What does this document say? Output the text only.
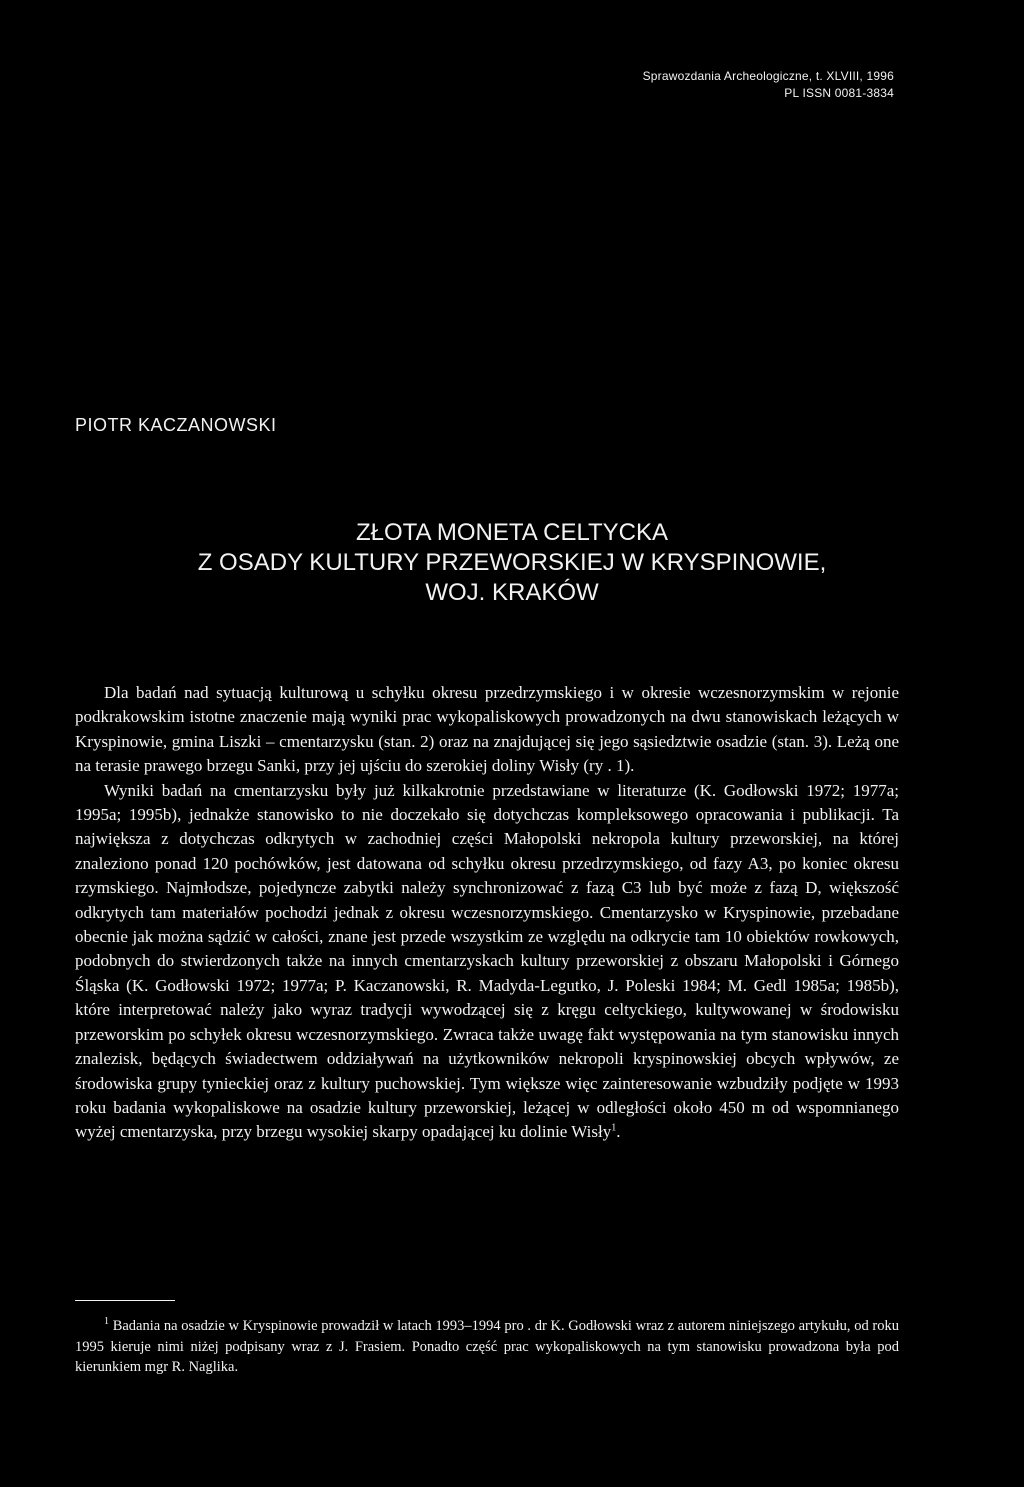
Sprawozdania Archeologiczne, t. XLVIII, 1996
PL ISSN 0081-3834
PIOTR KACZANOWSKI
ZŁOTA MONETA CELTYCKA
Z OSADY KULTURY PRZEWORSKIEJ W KRYSPINOWIE,
WOJ. KRAKÓW

Dla badań nad sytuacją kulturową u schyłku okresu przedrzymskiego i w okresie wczesnorzymskim w rejonie podkrakowskim istotne znaczenie mają wyniki prac wykopaliskowych prowadzonych na dwu stanowiskach leżących w Kryspinowie, gmina Liszki – cmentarzysku (stan. 2) oraz na znajdującej się jego sąsiedztwie osadzie (stan. 3). Leżą one na terasie prawego brzegu Sanki, przy jej ujściu do szerokiej doliny Wisły (ry . 1).

Wyniki badań na cmentarzysku były już kilkakrotnie przedstawiane w literaturze (K. Godłowski 1972; 1977a; 1995a; 1995b), jednakże stanowisko to nie doczekało się dotychczas kompleksowego opracowania i publikacji. Ta największa z dotychczas odkrytych w zachodniej części Małopolski nekropola kultury przeworskiej, na której znaleziono ponad 120 pochówków, jest datowana od schyłku okresu przedrzymskiego, od fazy A3, po koniec okresu rzymskiego. Najmłodsze, pojedyncze zabytki należy synchronizować z fazą C3 lub być może z fazą D, większość odkrytych tam materiałów pochodzi jednak z okresu wczesnorzymskiego. Cmentarzysko w Kryspinowie, przebadane obecnie jak można sądzić w całości, znane jest przede wszystkim ze względu na odkrycie tam 10 obiektów rowkowych, podobnych do stwierdzonych także na innych cmentarzyskach kultury przeworskiej z obszaru Małopolski i Górnego Śląska (K. Godłowski 1972; 1977a; P. Kaczanowski, R. Madyda-Legutko, J. Poleski 1984; M. Gedl 1985a; 1985b), które interpretować należy jako wyraz tradycji wywodzącej się z kręgu celtyckiego, kultywowanej w środowisku przeworskim po schyłek okresu wczesnorzymskiego. Zwraca także uwagę fakt występowania na tym stanowisku innych znalezisk, będących świadectwem oddziaływań na użytkowników nekropoli kryspinowskiej obcych wpływów, ze środowiska grupy tynieckiej oraz z kultury puchowskiej. Tym większe więc zainteresowanie wzbudziły podjęte w 1993 roku badania wykopaliskowe na osadzie kultury przeworskiej, leżącej w odległości około 450 m od wspomnianego wyżej cmentarzyska, przy brzegu wysokiej skarpy opadającej ku dolinie Wisły$^1$.

$^1$ Badania na osadzie w Kryspinowie prowadził w latach 1993–1994 pro . dr K. Godłowski wraz z autorem niniejszego artykułu, od roku 1995 kieruje nimi niżej podpisany wraz z J. Frasiem. Ponadto część prac wykopaliskowych na tym stanowisku prowadzona była pod kierunkiem mgr R. Naglika.
